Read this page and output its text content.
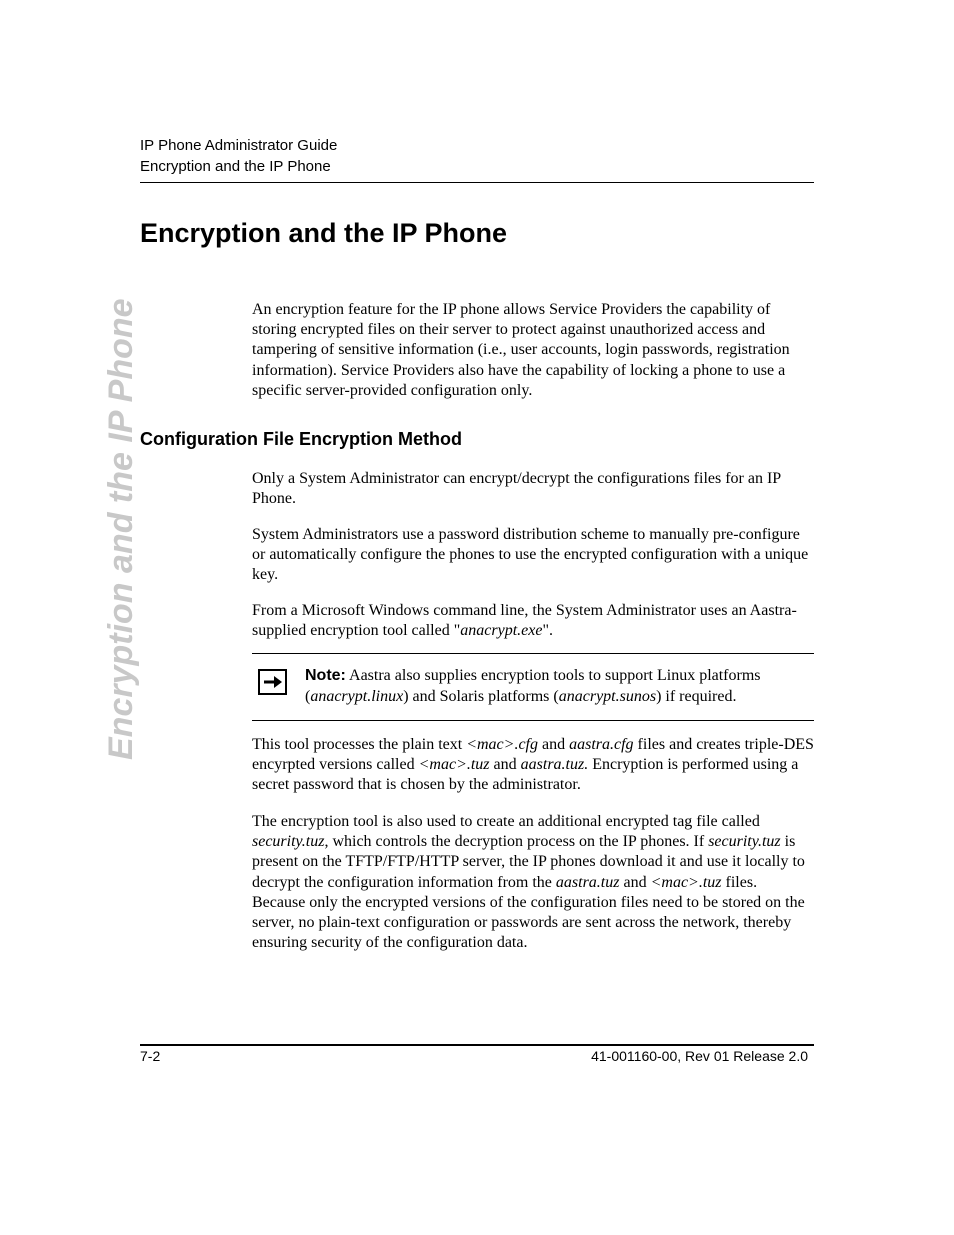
IP Phone Administrator Guide
Encryption and the IP Phone
Encryption and the IP Phone
Encryption and the IP Phone

An encryption feature for the IP phone allows Service Providers the capability of storing encrypted files on their server to protect against unauthorized access and tampering of sensitive information (i.e., user accounts, login passwords, registration information). Service Providers also have the capability of locking a phone to use a specific server-provided configuration only.

Configuration File Encryption Method

Only a System Administrator can encrypt/decrypt the configurations files for an IP Phone.

System Administrators use a password distribution scheme to manually pre-configure or automatically configure the phones to use the encrypted configuration with a unique key.

From a Microsoft Windows command line, the System Administrator uses an Aastra-supplied encryption tool called "anacrypt.exe".

Note: Aastra also supplies encryption tools to support Linux platforms (anacrypt.linux) and Solaris platforms (anacrypt.sunos) if required.

This tool processes the plain text <mac>.cfg and aastra.cfg files and creates triple-DES encyrpted versions called <mac>.tuz and aastra.tuz. Encryption is performed using a secret password that is chosen by the administrator.

The encryption tool is also used to create an additional encrypted tag file called security.tuz, which controls the decryption process on the IP phones. If security.tuz is present on the TFTP/FTP/HTTP server, the IP phones download it and use it locally to decrypt the configuration information from the aastra.tuz and <mac>.tuz files. Because only the encrypted versions of the configuration files need to be stored on the server, no plain-text configuration or passwords are sent across the network, thereby ensuring security of the configuration data.

7-2	41-001160-00, Rev 01 Release 2.0
